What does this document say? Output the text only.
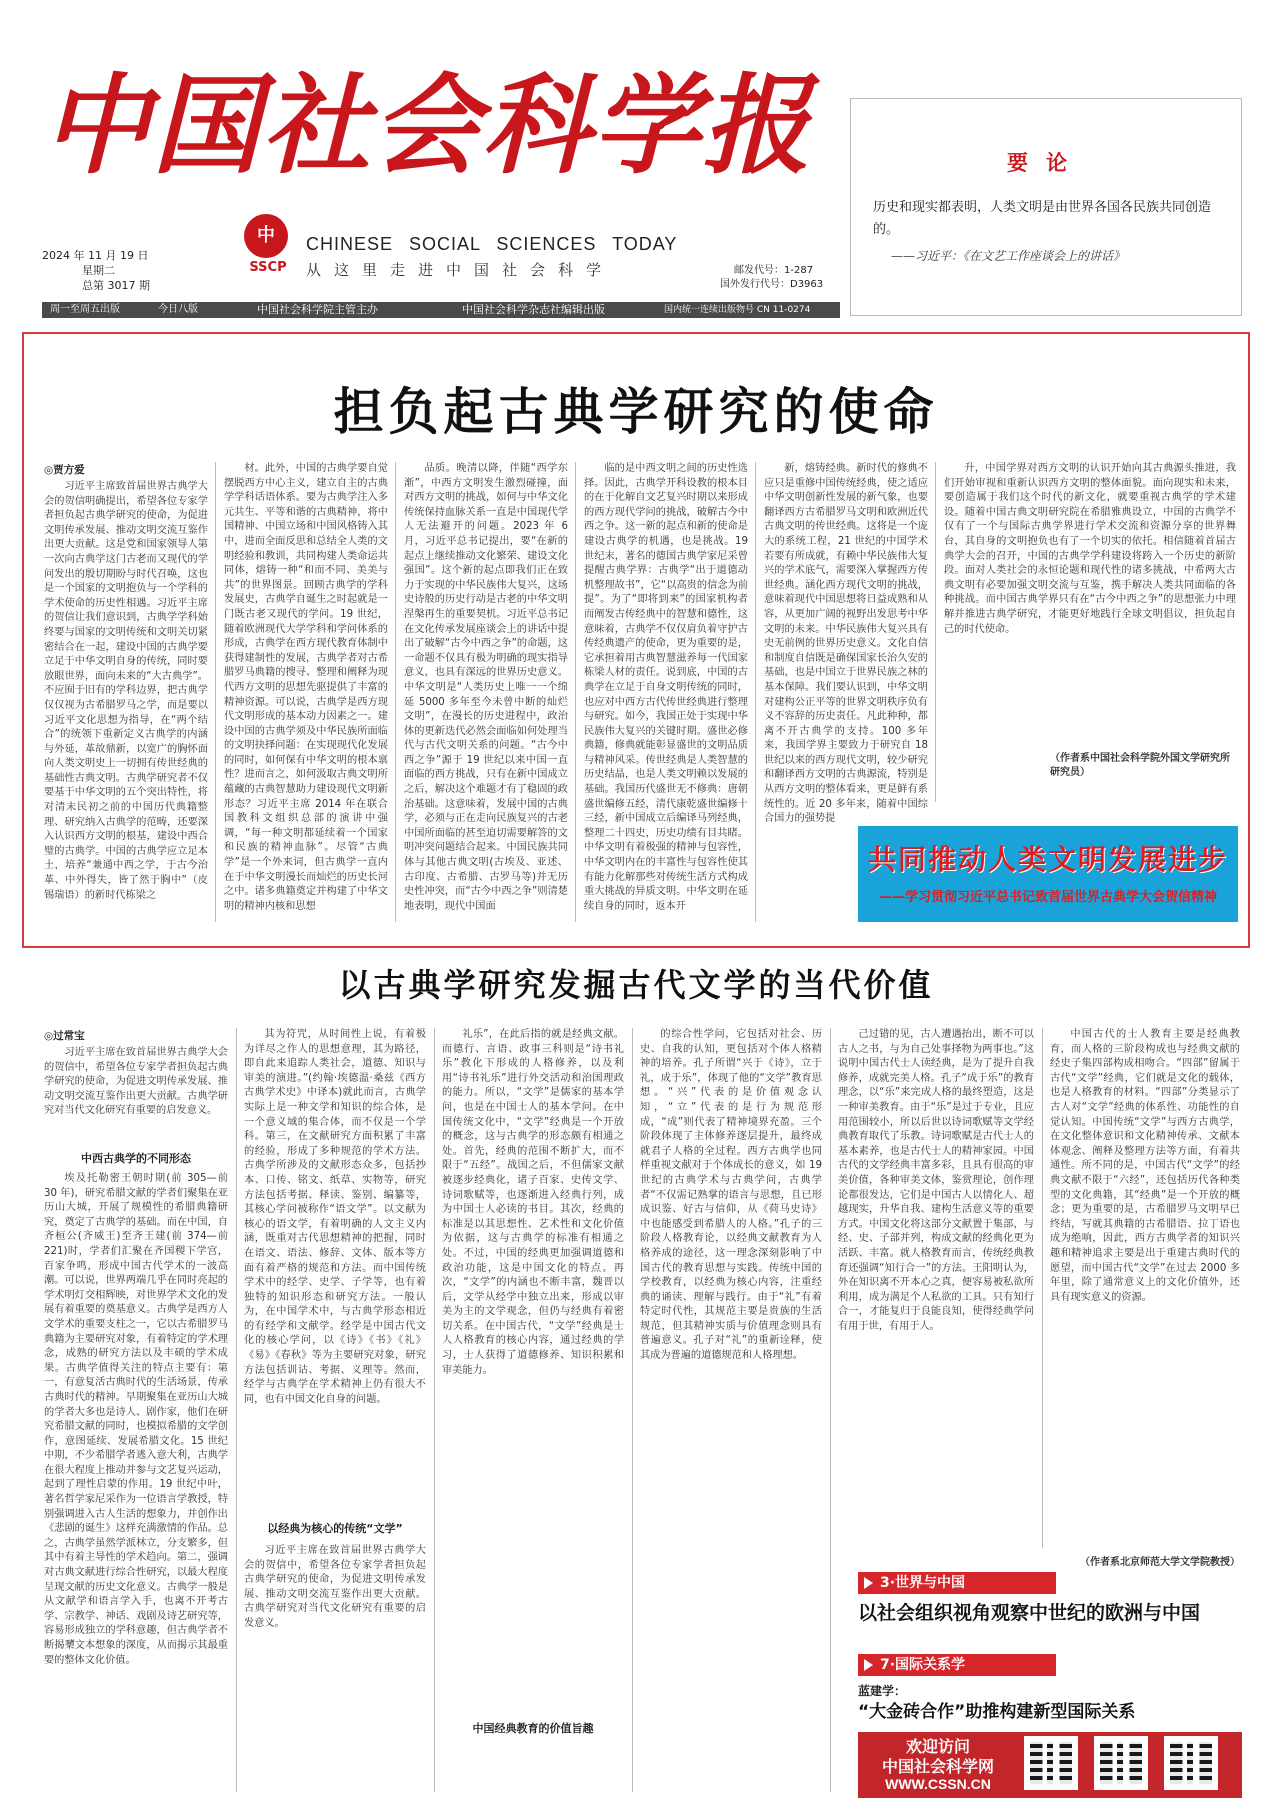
中国社会科学报
2024 年 11 月 19 日
星期二
总第 3017 期
中
SSCP
CHINESE SOCIAL SCIENCES TODAY
从这里走进中国社会科学	邮发代号：1-287
国外发行代号：D3963
周一至周五出版	今日八版	中国社会科学院主管主办	中国社会科学杂志社编辑出版	国内统一连续出版物号 CN 11-0274
要论
历史和现实都表明，人类文明是由世界各国各民族共同创造的。
——习近平：《在文艺工作座谈会上的讲话》
担负起古典学研究的使命
◎贾方爱
习近平主席致首届世界古典学大会的贺信明确提出，希望各位专家学者担负起古典学研究的使命，为促进文明传承发展、推动文明交流互鉴作出更大贡献。这是党和国家领导人第一次向古典学这门古老而又现代的学问发出的殷切期盼与时代召唤，这也是一个国家的文明抱负与一个学科的学术使命的历史性相遇。习近平主席的贺信让我们意识到，古典学学科始终要与国家的文明传统和文明关切紧密结合在一起，建设中国的古典学要立足于中华文明自身的传统，同时要放眼世界，面向未来的“大古典学”。不应囿于旧有的学科边界，把古典学仅仅视为古希腊罗马之学，而是要以习近平文化思想为指导，在“两个结合”的统领下重新定义古典学的内涵与外延，革故鼎新，以宽广的胸怀面向人类文明史上一切拥有传世经典的基础性古典文明。古典学研究者不仅要基于中华文明的五个突出特性，将对清末民初之前的中国历代典籍整理、研究纳入古典学的范畴，还要深入认识西方文明的根基，建设中西合璧的古典学。中国的古典学应立足本土，培养“兼通中西之学，于古今治革、中外得失，皆了然于胸中”（皮锡瑞语）的新时代栋梁之
材。此外，中国的古典学要自觉摆脱西方中心主义，建立自主的古典学学科话语体系。要为古典学注入多元共生、平等和谐的古典精神，将中国精神、中国立场和中国风格铸入其中，进而全面反思和总结全人类的文明经验和教训，共同构建人类命运共同体，熔铸一种“和而不同、美美与共”的世界图景。回顾古典学的学科发展史，古典学自诞生之时起就是一门既古老又现代的学问。19 世纪，随着欧洲现代大学学科和学问体系的形成，古典学在西方现代教育体制中获得建制性的发展，古典学者对古希腊罗马典籍的搜寻、整理和阐释为现代西方文明的思想先驱提供了丰富的精神资源。可以说，古典学是西方现代文明形成的基本动力因素之一。建设中国的古典学须及中华民族所面临的文明抉择问题：在实现现代化发展的同时，如何保有中华文明的根本禀性？进而言之，如何汲取古典文明所蕴藏的古典智慧助力建设现代文明新形态？习近平主席 2014 年在联合国教科文组织总部的演讲中强调，“每一种文明都延续着一个国家和民族的精神血脉”。尽管“古典学”是一个外来词，但古典学一直内在于中华文明漫长而灿烂的历史长河之中。诸多典籍奠定并构建了中华文明的精神内核和思想
品质。晚清以降，伴随“西学东渐”，中西方文明发生激烈碰撞，面对西方文明的挑战，如何与中华文化传统保持血脉关系一直是中国现代学人无法避开的问题。2023 年 6 月，习近平总书记提出，要“在新的起点上继续推动文化繁荣、建设文化强国”。这个新的起点即我们正在致力于实现的中华民族伟大复兴，这场史诗般的历史行动是古老的中华文明涅槃再生的重要契机。习近平总书记在文化传承发展座谈会上的讲话中提出了破解“古今中西之争”的命题，这一命题不仅具有极为明确的现实指导意义，也具有深远的世界历史意义。中华文明是“人类历史上唯一一个绵延 5000 多年至今未曾中断的灿烂文明”，在漫长的历史进程中，政治体的更新迭代必然会面临如何处理当代与古代文明关系的问题。“古今中西之争”源于 19 世纪以来中国一直面临的西方挑战，只有在新中国成立之后，解决这个难题才有了稳固的政治基础。这意味着，发展中国的古典学，必须与正在走向民族复兴的古老中国所面临的甚至迫切需要解答的文明冲突问题结合起来。中国民族共同体与其他古典文明(古埃及、亚述、古印度、古希腊、古罗马等)并无历史性冲突，而“古今中西之争”则清楚地表明，现代中国面
临的是中西文明之间的历史性选择。因此，古典学开科设教的根本目的在于化解自文艺复兴时期以来形成的西方现代学问的挑战，破解古今中西之争。这一新的起点和新的使命是建设古典学的机遇，也是挑战。19 世纪末，著名的德国古典学家尼采曾提醒古典学界：古典学“出于道德动机整理故书”，它“以高贵的信念为前提”。为了“即将到来”的国家机构者而阐发古传经典中的智慧和德性，这意味着，古典学不仅仅肩负着守护古传经典遗产的使命，更为重要的是，它承担着用古典智慧滋养每一代国家栋梁人材的责任。说到底，中国的古典学在立足于自身文明传统的同时，也应对中西方古代传世经典进行整理与研究。如今，我国正处于实现中华民族伟大复兴的关键时期。盛世必修典籍，修典就能彰显盛世的文明品质与精神风采。传世经典是人类智慧的历史结晶，也是人类文明赖以发展的基础。我国历代盛世无不修典：唐朝盛世编修五经，清代康乾盛世编修十三经，新中国成立后编译马列经典，整理二十四史，历史功绩有目共睹。中华文明有着极强的精神与包容性，中华文明内在的丰富性与包容性使其有能力化解那些对传统生活方式构成重大挑战的异质文明。中华文明在延续自身的同时，返本开
新，熔铸经典。新时代的修典不应只是重修中国传统经典，使之适应中华文明创新性发展的新气象，也要翻译西方古希腊罗马文明和欧洲近代古典文明的传世经典。这将是一个庞大的系统工程，21 世纪的中国学术若要有所成就，有赖中华民族伟大复兴的学术底气，需要深入掌握西方传世经典。涵化西方现代文明的挑战，意味着现代中国思想将日益成熟和从容，从更加广阔的视野出发思考中华文明的未来。中华民族伟大复兴具有史无前例的世界历史意义。文化自信和制度自信既是确保国家长治久安的基础，也是中国立于世界民族之林的基本保障。我们要认识到，中华文明对建构公正平等的世界文明秩序负有义不容辞的历史责任。凡此种种，都离不开古典学的支持。100 多年来，我国学界主要致力于研究自 18 世纪以来的西方现代文明，较少研究和翻译西方文明的古典源流，特别是从西方文明的整体看来，更是鲜有系统性的。近 20 多年来，随着中国综合国力的强势提
升，中国学界对西方文明的认识开始向其古典源头推进，我们开始审视和重新认识西方文明的整体面貌。面向现实和未来，要创造属于我们这个时代的新文化，就要重视古典学的学术建设。随着中国古典文明研究院在希腊雅典设立，中国的古典学不仅有了一个与国际古典学界进行学术交流和资源分享的世界舞台，其自身的文明抱负也有了一个切实的依托。相信随着首届古典学大会的召开，中国的古典学学科建设将跨入一个历史的新阶段。面对人类社会的永恒论题和现代性的诸多挑战，中希两大古典文明有必要加强文明交流与互鉴，携手解决人类共同面临的各种挑战。而中国古典学界只有在“古今中西之争”的思想张力中理解并推进古典学研究，才能更好地践行全球文明倡议，担负起自己的时代使命。
（作者系中国社会科学院外国文学研究所研究员）
共同推动人类文明发展进步
——学习贯彻习近平总书记致首届世界古典学大会贺信精神
以古典学研究发掘古代文学的当代价值
◎过常宝
习近平主席在致首届世界古典学大会的贺信中，希望各位专家学者担负起古典学研究的使命，为促进文明传承发展、推动文明交流互鉴作出更大贡献。古典学研究对当代文化研究有重要的启发意义。
中西古典学的不同形态
埃及托勒密王朝时期(前 305—前 30 年)，研究希腊文献的学者们聚集在亚历山大城，开展了规模性的希腊典籍研究，奠定了古典学的基础。而在中国，自齐桓公(齐威王)至齐王建(前 374—前 221)时，学者们汇聚在齐国稷下学宫，百家争鸣，形成中国古代学术的一波高潮。可以说，世界两端几乎在同时亮起的学术明灯交相辉映，对世界学术文化的发展有着重要的奠基意义。古典学是西方人文学术的重要支柱之一，它以古希腊罗马典籍为主要研究对象，有着特定的学术理念，成熟的研究方法以及丰硕的学术成果。古典学值得关注的特点主要有：第一，有意复活古典时代的生活场景，传承古典时代的精神。早期聚集在亚历山大城的学者大多也是诗人、剧作家，他们在研究希腊文献的同时，也模拟希腊的文学创作，意图延续、发展希腊文化。15 世纪中期，不少希腊学者逃入意大利，古典学在很大程度上推动并参与文艺复兴运动，起到了理性启蒙的作用。19 世纪中叶，著名哲学家尼采作为一位语言学教授，特别强调进入古人生活的想象力，并创作出《悲剧的诞生》这样充满激情的作品。总之，古典学虽然学派林立，分支繁多，但其中有着主导性的学术趋向。第二，强调对古典文献进行综合性研究，以最大程度呈现文献的历史文化意义。古典学一般是从文献学和语言学入手，也离不开考古学、宗教学、神话、戏剧及诗艺研究等，容易形成独立的学科意趣，但古典学者不断揭櫫文本想象的深度，从而揭示其最重要的整体文化价值。
其为符咒，从时间性上说，有着极为详尽之作人的思想意理，其为路径，即自此来追踪人类社会，道德、知识与审美的演进。”(约翰·埃德温·桑兹《西方古典学术史》中译本)就此而言，古典学实际上是一种文学和知识的综合体，是一个意义域的集合体，而不仅是一个学科。第三，在文献研究方面积累了丰富的经验，形成了多种规范的学术方法。古典学所涉及的文献形态众多，包括抄本、口传、铭文、纸草、实物等，研究方法包括考据、释读、鉴别、编纂等，其核心学问被称作“语文学”。以文献为核心的语文学，有着明确的人文主义内涵，既重对古代思想精神的把握，同时在语文、语法、修辞、文体、版本等方面有着严格的规范和方法。而中国传统学术中的经学、史学、子学等，也有着独特的知识形态和研究方法。一般认为，在中国学术中，与古典学形态相近的有经学和文献学。经学是中国古代文化的核心学问，以《诗》《书》《礼》《易》《春秋》等为主要研究对象，研究方法包括训诂、考据、义理等。然而，经学与古典学在学术精神上仍有很大不同，也有中国文化自身的问题。
以经典为核心的传统“文学”
习近平主席在致首届世界古典学大会的贺信中，希望各位专家学者担负起古典学研究的使命，为促进文明传承发展、推动文明交流互鉴作出更大贡献。古典学研究对当代文化研究有重要的启发意义。
礼乐”，在此后指的就是经典文献。而德行、言语、政事三科则是“诗书礼乐”教化下形成的人格修养，以及利用“诗书礼乐”进行外交活动和治国理政的能力。所以，“文学”是儒家的基本学问，也是在中国士人的基本学问。在中国传统文化中，“文学”经典是一个开放的概念，这与古典学的形态颇有相通之处。首先，经典的范围不断扩大，而不限于“五经”。战国之后，不但儒家文献被逐步经典化，诸子百家、史传文学、诗词歌赋等，也逐渐进入经典行列，成为中国士人必读的书目。其次，经典的标准是以其思想性、艺术性和文化价值为依据，这与古典学的标准有相通之处。不过，中国的经典更加强调道德和政治功能，这是中国文化的特点。再次，“文学”的内涵也不断丰富，魏晋以后，文学从经学中独立出来，形成以审美为主的文学观念，但仍与经典有着密切关系。在中国古代，“文学”经典是士人人格教育的核心内容，通过经典的学习，士人获得了道德修养、知识积累和审美能力。
中国经典教育的价值旨趣
的综合性学问，它包括对社会、历史、自我的认知，更包括对个体人格精神的培养。孔子所谓“兴于《诗》，立于礼，成于乐”，体现了他的“文学”教育思想。“兴”代表的是价值观念认知，“立”代表的是行为规范形成，“成”则代表了精神境界充盈。三个阶段体现了主体修养逐层提升，最终成就君子人格的全过程。西方古典学也同样重视文献对于个体成长的意义，如 19 世纪的古典学术与古典学问，古典学者“不仅需记熟掌的语言与思想，且已形成识鉴、好古与信仰，从《荷马史诗》中也能感受到希腊人的人格。”孔子的三阶段人格教育论，以经典文献教育为人格养成的途径，这一理念深刻影响了中国古代的教育思想与实践。传统中国的学校教育，以经典为核心内容，注重经典的诵读、理解与践行。由于“礼”有着特定时代性，其规范主要是贵族的生活规范，但其精神实质与价值理念则具有普遍意义。孔子对“礼”的重新诠释，使其成为普遍的道德规范和人格理想。
己过错的见，古人遭遇抬出，断不可以古人之书，与为自己处事择物为两事也。”这说明中国古代士人读经典，是为了提升自我修养，成就完美人格。孔子“成于乐”的教育理念，以“乐”来完成人格的最终塑造，这是一种审美教育。由于“乐”是过于专业，且应用范围较小，所以后世以诗词歌赋等文学经典教育取代了乐教。诗词歌赋是古代士人的基本素养，也是古代士人的精神家园。中国古代的文学经典丰富多彩，且具有很高的审美价值，各种审美文体，鉴赏理论，创作理论都很发达，它们是中国古人以情化人、超越现实，升华自我、建构生活意义等的重要方式。中国文化将这部分文献置于集部，与经、史、子部并列，构成文献的经典化更为活跃、丰富。就人格教育而言，传统经典教育还强调“知行合一”的方法。王阳明认为，外在知识离不开本心之真，便容易被私欲所利用，成为满足个人私欲的工具。只有知行合一，才能复归于良能良知，使得经典学问有用于世，有用于人。
中国古代的士人教育主要是经典教育，而人格的三阶段构成也与经典文献的经史子集四部构成相吻合。“四部”留属于古代“文学”经典，它们就是文化的载体，也是人格教育的材料。“四部”分类显示了古人对“文学”经典的体系性、功能性的自觉认知。中国传统“文学”与西方古典学，在文化整体意识和文化精神传承、文献本体观念、阐释及整理方法等方面，有着共通性。所不同的是，中国古代“文学”的经典文献不限于“六经”，还包括历代各种类型的文化典籍，其“经典”是一个开放的概念；更为重要的是，古希腊罗马文明早已终结，写就其典籍的古希腊语、拉丁语也成为绝响，因此，西方古典学者的知识兴趣和精神追求主要是出于重建古典时代的愿望，而中国古代“文学”在过去 2000 多年里，除了通常意义上的文化价值外，还具有现实意义的资源。
（作者系北京师范大学文学院教授）
3·世界与中国
以社会组织视角观察中世纪的欧洲与中国
7·国际关系学
欢迎访问
中国社会科学网
WWW.CSSN.CN
蓝建学：
“大金砖合作”助推构建新型国际关系
